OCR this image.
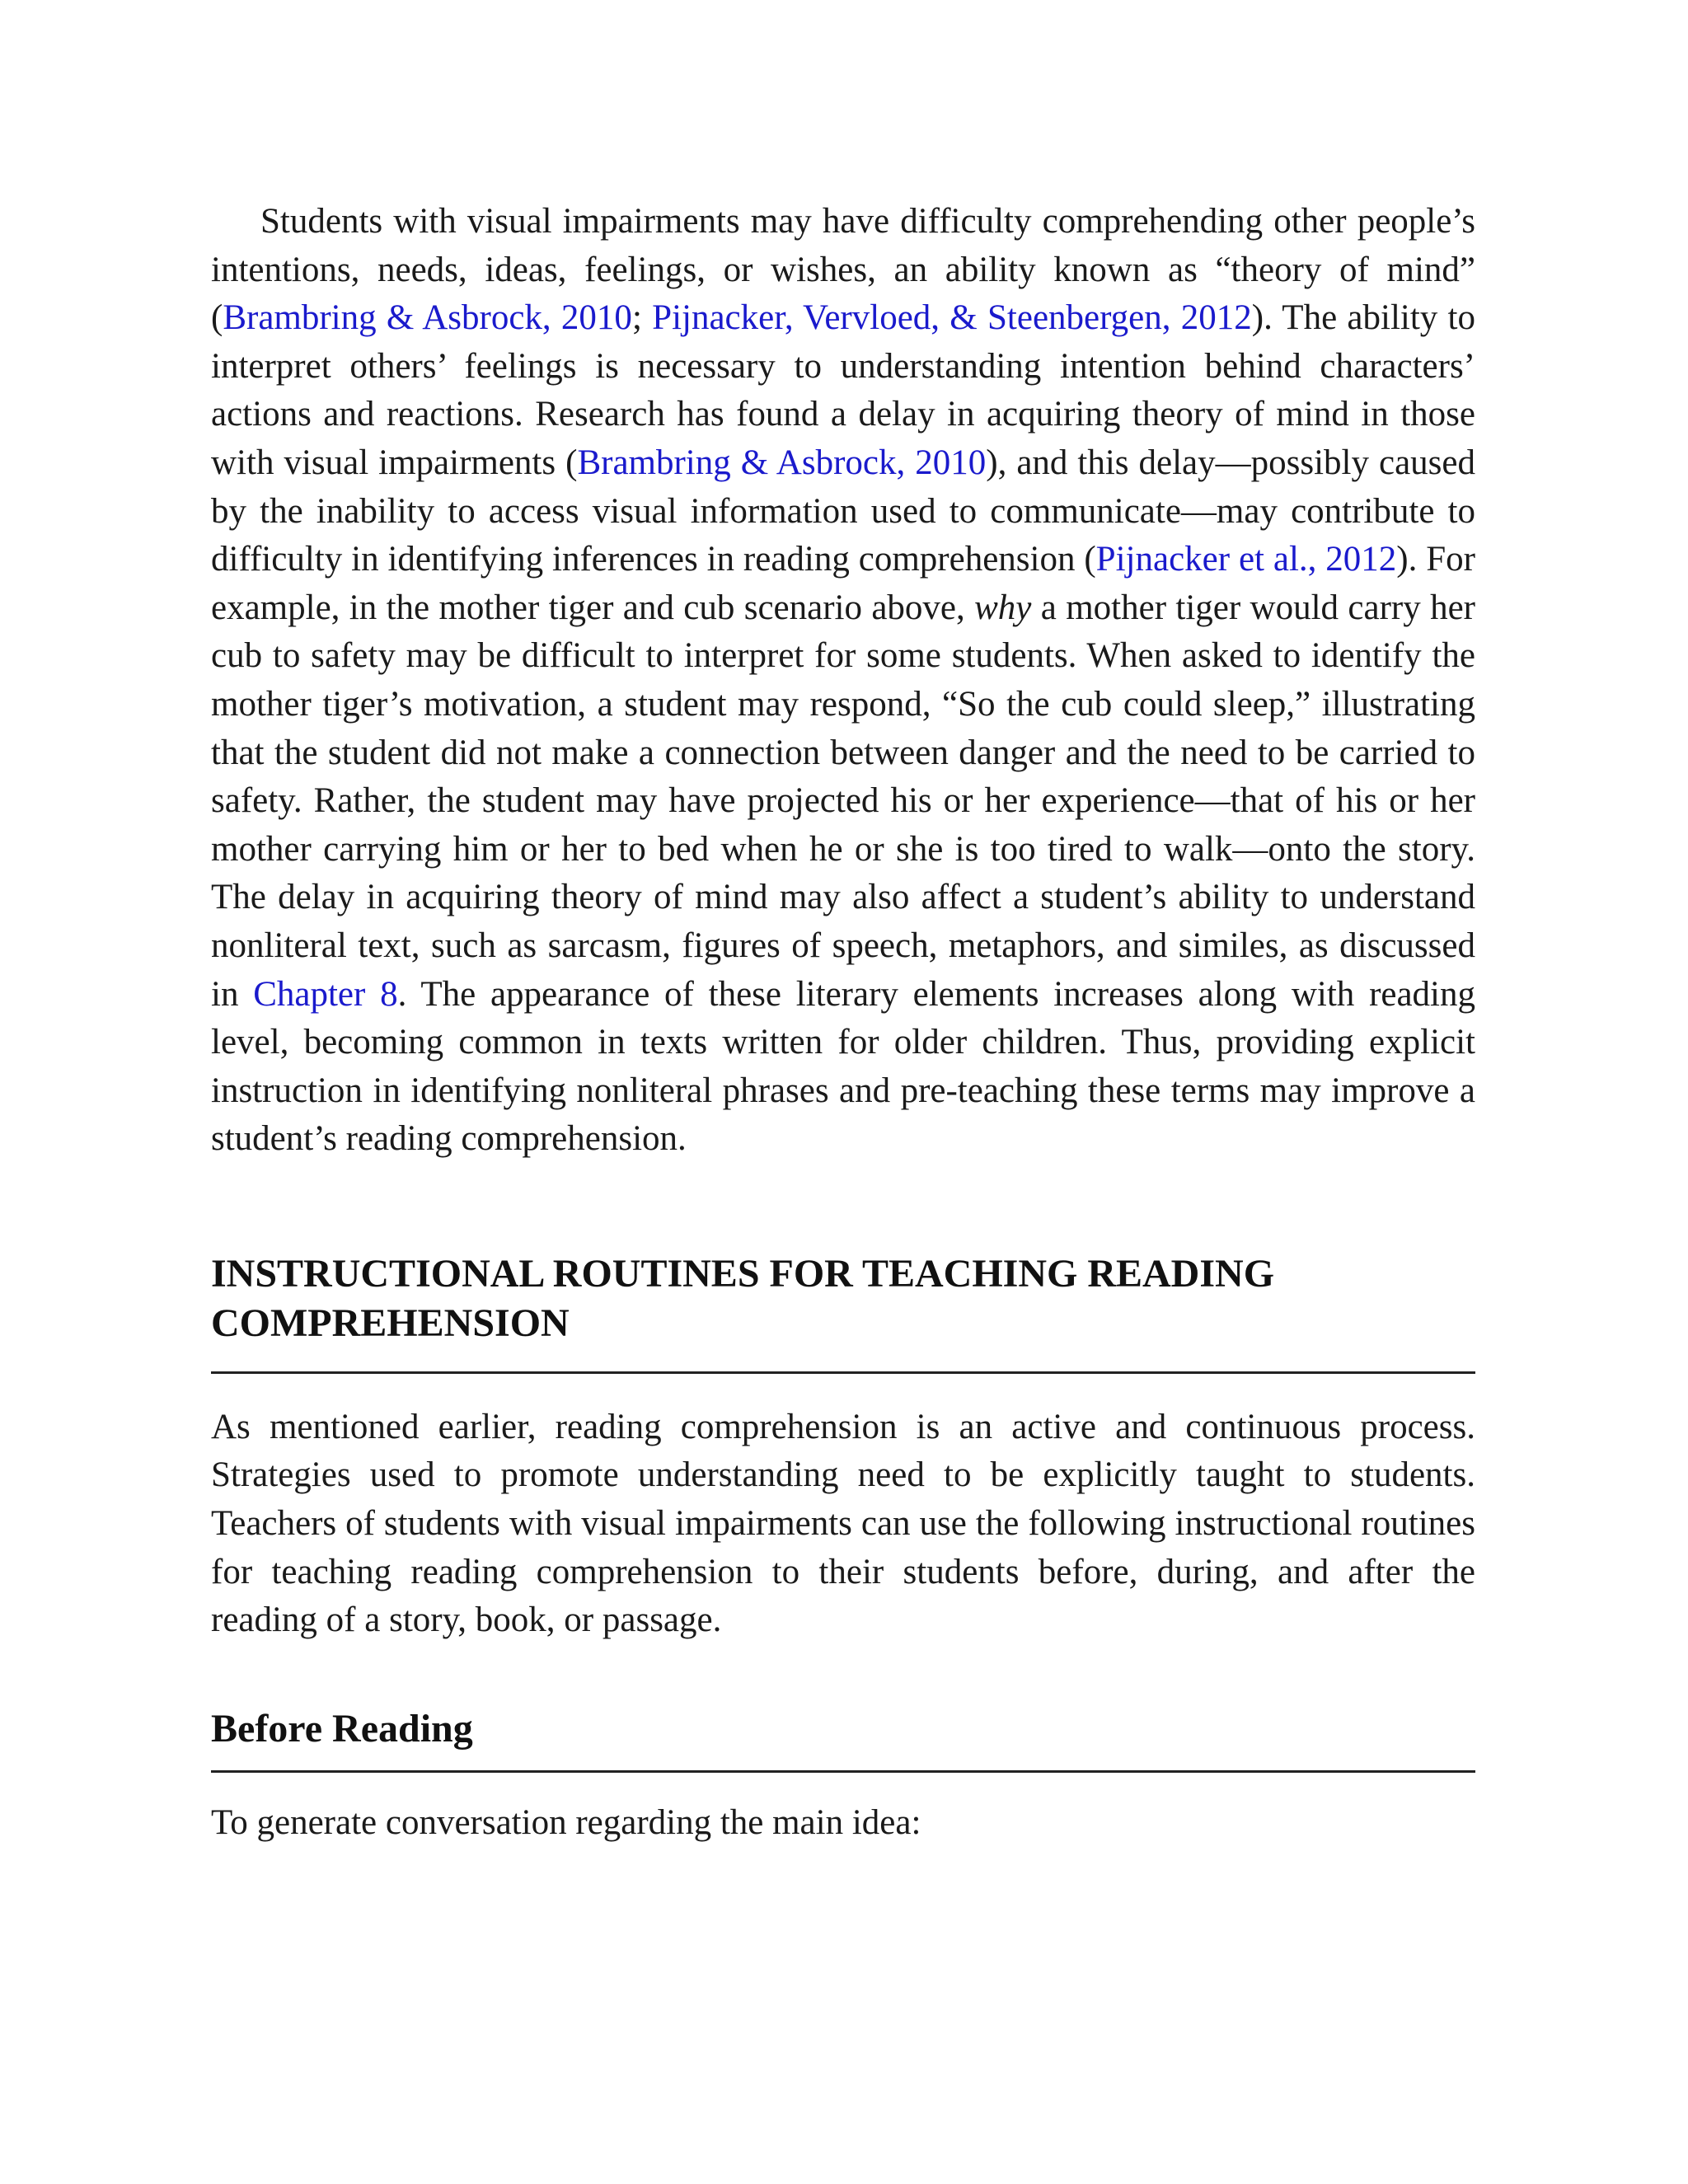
Students with visual impairments may have difficulty comprehending other people’s intentions, needs, ideas, feelings, or wishes, an ability known as “theory of mind” (Brambring & Asbrock, 2010; Pijnacker, Vervloed, & Steenbergen, 2012). The ability to interpret others’ feelings is necessary to understanding intention behind characters’ actions and reactions. Research has found a delay in acquiring theory of mind in those with visual impairments (Brambring & Asbrock, 2010), and this delay—possibly caused by the inability to access visual information used to communicate—may contribute to difficulty in identifying inferences in reading comprehension (Pijnacker et al., 2012). For example, in the mother tiger and cub scenario above, why a mother tiger would carry her cub to safety may be difficult to interpret for some students. When asked to identify the mother tiger’s motivation, a student may respond, “So the cub could sleep,” illustrating that the student did not make a connection between danger and the need to be carried to safety. Rather, the student may have projected his or her experience—that of his or her mother carrying him or her to bed when he or she is too tired to walk—onto the story. The delay in acquiring theory of mind may also affect a student’s ability to understand nonliteral text, such as sarcasm, figures of speech, metaphors, and similes, as discussed in Chapter 8. The appearance of these literary elements increases along with reading level, becoming common in texts written for older children. Thus, providing explicit instruction in identifying nonliteral phrases and pre-teaching these terms may improve a student’s reading comprehension.

INSTRUCTIONAL ROUTINES FOR TEACHING READING
COMPREHENSION

As mentioned earlier, reading comprehension is an active and continuous process. Strategies used to promote understanding need to be explicitly taught to students. Teachers of students with visual impairments can use the following instructional routines for teaching reading comprehension to their students before, during, and after the reading of a story, book, or passage.

Before Reading

To generate conversation regarding the main idea:
